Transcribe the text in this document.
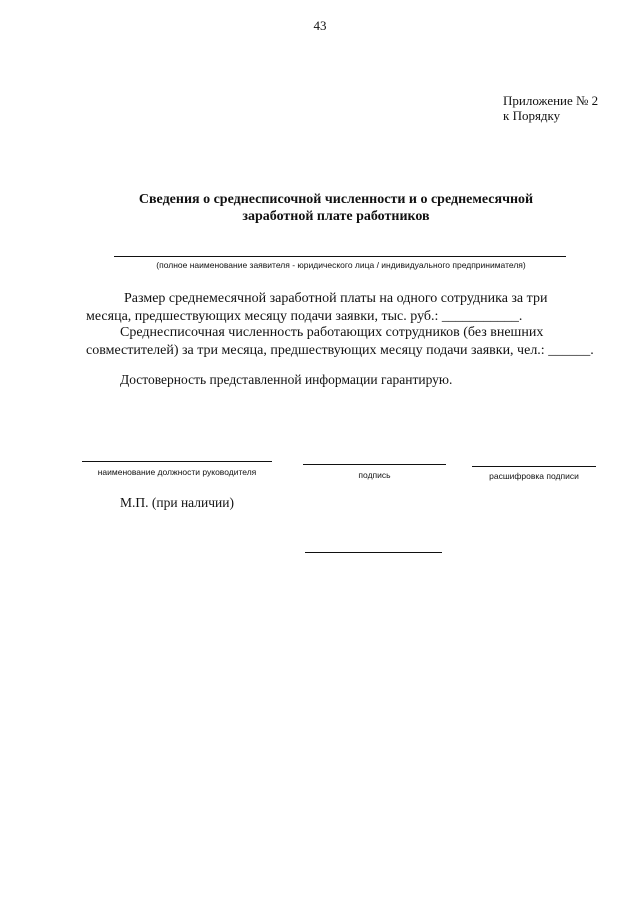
43
Приложение № 2
к Порядку
Сведения о среднесписочной численности и о среднемесячной
заработной плате работников
(полное наименование заявителя - юридического лица / индивидуального предпринимателя)
Размер среднемесячной заработной платы на одного сотрудника за три
месяца, предшествующих месяцу подачи заявки, тыс. руб.: ___________.
Среднесписочная численность работающих сотрудников (без внешних
совместителей) за три месяца, предшествующих месяцу подачи заявки, чел.: ______.
Достоверность представленной информации гарантирую.
наименование должности руководителя	подпись	расшифровка подписи
М.П. (при наличии)
